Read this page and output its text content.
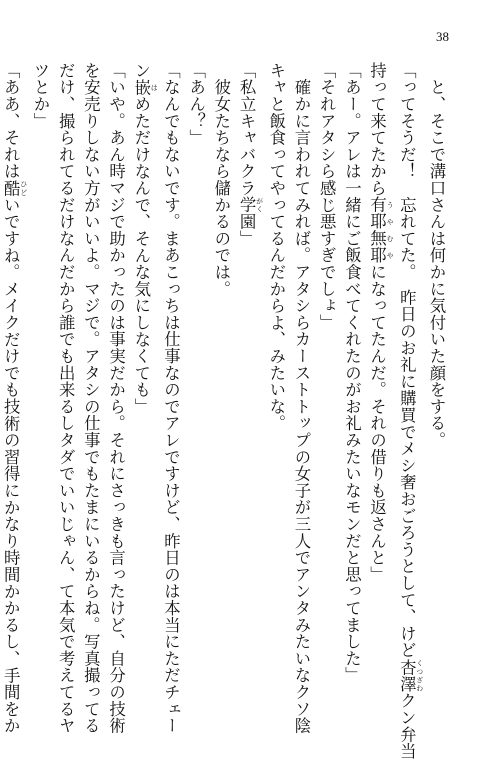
38
　と、そこで溝口さんは何かに気付いた顔をする。
「ってそうだ！　忘れてた。　昨日のお礼に購買でメシ奢おごろうとして、けど杏澤 くつざわクン弁当
持って来てたから有耶無耶 うやむやになってたんだ。それの借りも返さんと」
「あー。アレは一緒にご飯食べてくれたのがお礼みたいなモンだと思ってました」
「それアタシら感じ悪すぎでしょ」
　確かに言われてみれば。アタシらカーストトップの女子が三人でアンタみたいなクソ陰
キャと飯食ってやってるんだからよ、みたいな。
「私立キャバクラ学 がく園」
　彼女たちなら儲かるのでは。
「あん？」
「なんでもないです。まあこっちは仕事なのでアレですけど、昨日のは本当にただチェー
ン嵌 はめただけなんで、そんな気にしなくても」
「いや。あん時マジで助かったのは事実だから。それにさっきも言ったけど、自分の技術
を安売りしない方がいいよ。マジで。アタシの仕事でもたまにいるからね。写真撮ってる
だけ、撮られてるだけなんだから誰でも出来るしタダでいいじゃん、て本気で考えてるヤ
ツとか」
「ああ、それは酷 ひどいですね。メイクだけでも技術の習得にかなり時間かかるし、手間をか
